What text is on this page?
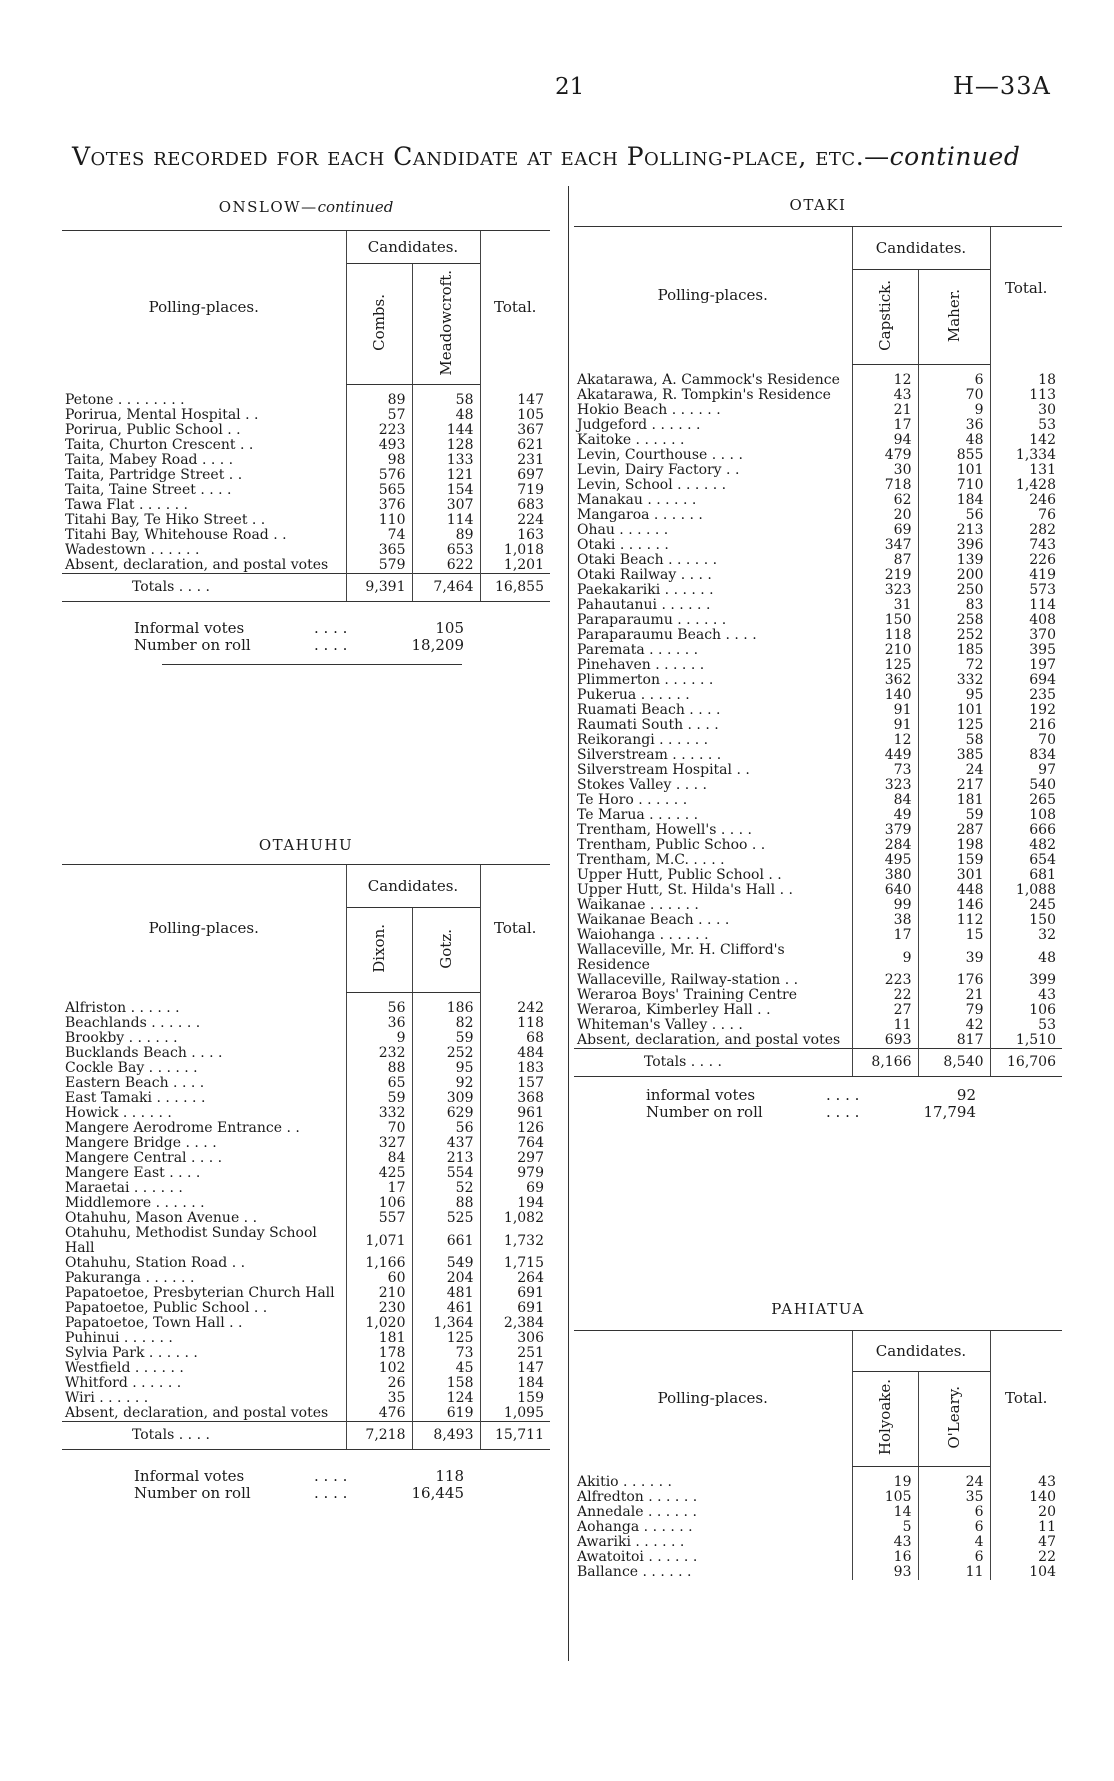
21	H—33A
Votes recorded for each Candidate at each Polling-place, etc.—continued
ONSLOW—continued
Polling-places.	Candidates.		Total.
	Combs.	Meadowcroft.	

Petone . . . . . . . .	89	58	147
Porirua, Mental Hospital . .	57	48	105
Porirua, Public School . .	223	144	367
Taita, Churton Crescent . .	493	128	621
Taita, Mabey Road . . . .	98	133	231
Taita, Partridge Street . .	576	121	697
Taita, Taine Street . . . .	565	154	719
Tawa Flat . . . . . .	376	307	683
Titahi Bay, Te Hiko Street . .	110	114	224
Titahi Bay, Whitehouse Road . .	74	89	163
Wadestown . . . . . .	365	653	1,018
Absent, declaration, and postal votes	579	622	1,201
Totals . . . .	9,391	7,464	16,855
Informal votes	. . . .	105
Number on roll	. . . .	18,209
OTAHUHU
Polling-places.	Candidates.		Total.
	Dixon.	Gotz.	

Alfriston . . . . . .	56	186	242
Beachlands . . . . . .	36	82	118
Brookby . . . . . .	9	59	68
Bucklands Beach . . . .	232	252	484
Cockle Bay . . . . . .	88	95	183
Eastern Beach . . . .	65	92	157
East Tamaki . . . . . .	59	309	368
Howick . . . . . .	332	629	961
Mangere Aerodrome Entrance . .	70	56	126
Mangere Bridge . . . .	327	437	764
Mangere Central . . . .	84	213	297
Mangere East . . . .	425	554	979
Maraetai . . . . . .	17	52	69
Middlemore . . . . . .	106	88	194
Otahuhu, Mason Avenue . .	557	525	1,082
Otahuhu, Methodist Sunday School Hall	1,071	661	1,732
Otahuhu, Station Road . .	1,166	549	1,715
Pakuranga . . . . . .	60	204	264
Papatoetoe, Presbyterian Church Hall	210	481	691
Papatoetoe, Public School . .	230	461	691
Papatoetoe, Town Hall . .	1,020	1,364	2,384
Puhinui . . . . . .	181	125	306
Sylvia Park . . . . . .	178	73	251
Westfield . . . . . .	102	45	147
Whitford . . . . . .	26	158	184
Wiri . . . . . .	35	124	159
Absent, declaration, and postal votes	476	619	1,095
Totals . . . .	7,218	8,493	15,711
Informal votes	. . . .	118
Number on roll	. . . .	16,445
OTAKI
Polling-places.	Candidates.		Total.
	Capstick.	Maher.	

Akatarawa, A. Cammock's Residence	12	6	18
Akatarawa, R. Tompkin's Residence	43	70	113
Hokio Beach . . . . . .	21	9	30
Judgeford . . . . . .	17	36	53
Kaitoke . . . . . .	94	48	142
Levin, Courthouse . . . .	479	855	1,334
Levin, Dairy Factory . .	30	101	131
Levin, School . . . . . .	718	710	1,428
Manakau . . . . . .	62	184	246
Mangaroa . . . . . .	20	56	76
Ohau . . . . . .	69	213	282
Otaki . . . . . .	347	396	743
Otaki Beach . . . . . .	87	139	226
Otaki Railway . . . .	219	200	419
Paekakariki . . . . . .	323	250	573
Pahautanui . . . . . .	31	83	114
Paraparaumu . . . . . .	150	258	408
Paraparaumu Beach . . . .	118	252	370
Paremata . . . . . .	210	185	395
Pinehaven . . . . . .	125	72	197
Plimmerton . . . . . .	362	332	694
Pukerua . . . . . .	140	95	235
Ruamati Beach . . . .	91	101	192
Raumati South . . . .	91	125	216
Reikorangi . . . . . .	12	58	70
Silverstream . . . . . .	449	385	834
Silverstream Hospital . .	73	24	97
Stokes Valley . . . .	323	217	540
Te Horo . . . . . .	84	181	265
Te Marua . . . . . .	49	59	108
Trentham, Howell's . . . .	379	287	666
Trentham, Public Schoo . .	284	198	482
Trentham, M.C. . . . .	495	159	654
Upper Hutt, Public School . .	380	301	681
Upper Hutt, St. Hilda's Hall . .	640	448	1,088
Waikanae . . . . . .	99	146	245
Waikanae Beach . . . .	38	112	150
Waiohanga . . . . . .	17	15	32
Wallaceville, Mr. H. Clifford's Residence	9	39	48
Wallaceville, Railway-station . .	223	176	399
Weraroa Boys' Training Centre	22	21	43
Weraroa, Kimberley Hall . .	27	79	106
Whiteman's Valley . . . .	11	42	53
Absent, declaration, and postal votes	693	817	1,510
Totals . . . .	8,166	8,540	16,706
informal votes	. . . .	92
Number on roll	. . . .	17,794
PAHIATUA
Polling-places.	Candidates.		Total.
	Holyoake.	O'Leary.	

Akitio . . . . . .	19	24	43
Alfredton . . . . . .	105	35	140
Annedale . . . . . .	14	6	20
Aohanga . . . . . .	5	6	11
Awariki . . . . . .	43	4	47
Awatoitoi . . . . . .	16	6	22
Ballance . . . . . .	93	11	104
